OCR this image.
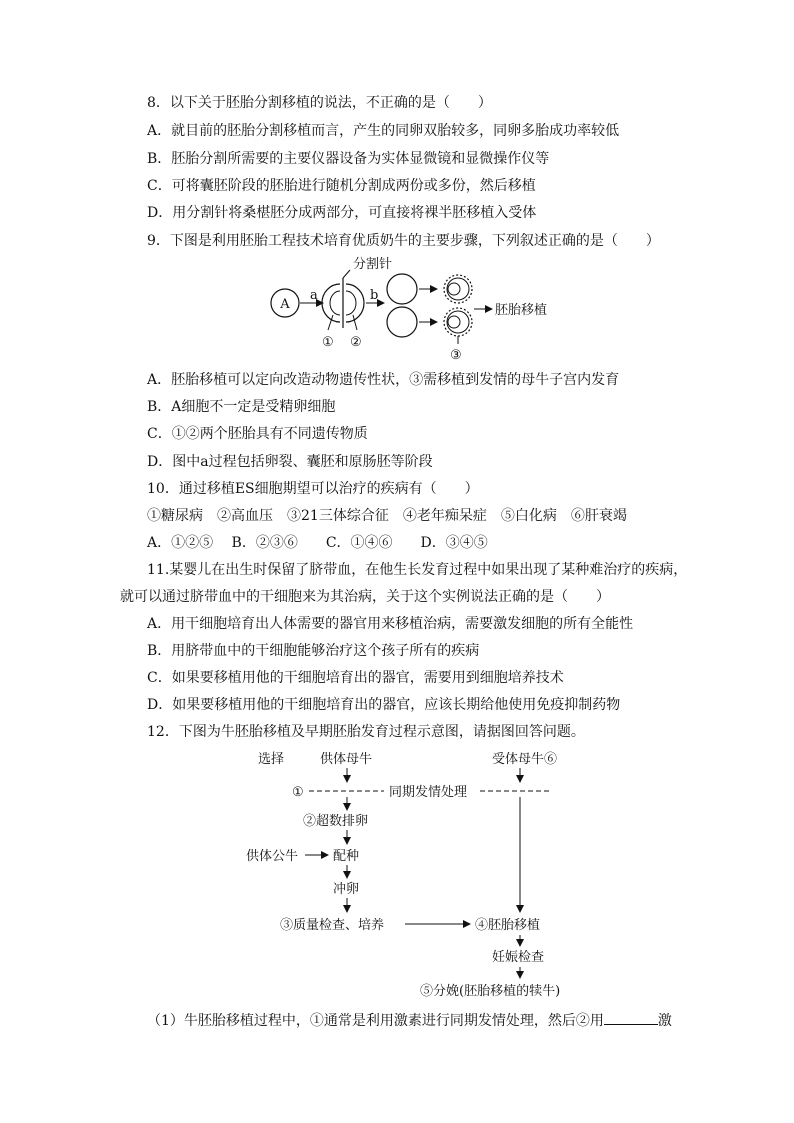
8．以下关于胚胎分割移植的说法，不正确的是（　　）
A．就目前的胚胎分割移植而言，产生的同卵双胎较多，同卵多胎成功率较低
B．胚胎分割所需要的主要仪器设备为实体显微镜和显微操作仪等
C．可将囊胚阶段的胚胎进行随机分割成两份或多份，然后移植
D．用分割针将桑椹胚分成两部分，可直接将裸半胚移植入受体
9．下图是利用胚胎工程技术培育优质奶牛的主要步骤，下列叙述正确的是（　　）
A
a
分割针
① ②
b
③
胚胎移植
A．胚胎移植可以定向改造动物遗传性状，③需移植到发情的母牛子宫内发育
B．A细胞不一定是受精卵细胞
C．①②两个胚胎具有不同遗传物质
D．图中a过程包括卵裂、囊胚和原肠胚等阶段
10．通过移植ES细胞期望可以治疗的疾病有（　　）
①糖尿病　②高血压　③21三体综合征　④老年痴呆症　⑤白化病　⑥肝衰竭
A．①②⑤　 B．②③⑥　　C．①④⑥　　D．③④⑤
11.某婴儿在出生时保留了脐带血，在他生长发育过程中如果出现了某种难治疗的疾病，
就可以通过脐带血中的干细胞来为其治病，关于这个实例说法正确的是（　　）
A．用干细胞培育出人体需要的器官用来移植治病，需要激发细胞的所有全能性
B．用脐带血中的干细胞能够治疗这个孩子所有的疾病
C．如果要移植用他的干细胞培育出的器官，需要用到细胞培养技术
D．如果要移植用他的干细胞培育出的器官，应该长期给他使用免疫抑制药物
12．下图为牛胚胎移植及早期胚胎发育过程示意图，请据图回答问题。
选择	供体母牛	受体母牛⑥
①	同期发情处理
②超数排卵
供体公牛	配种
冲卵
③质量检查、培养	④胚胎移植
妊娠检查
⑤分娩(胚胎移植的犊牛)
（1）牛胚胎移植过程中，①通常是利用激素进行同期发情处理，然后②用	激
